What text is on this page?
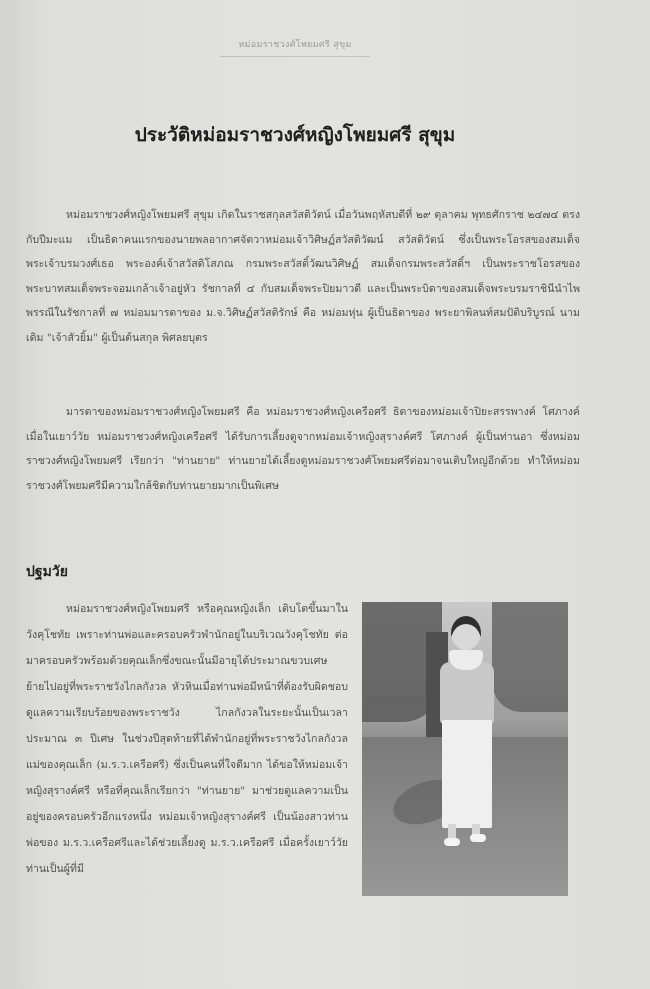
หม่อมราชวงศ์โพยมศรี สุขุม
ประวัติหม่อมราชวงศ์หญิงโพยมศรี สุขุม

หม่อมราชวงศ์หญิงโพยมศรี สุขุม เกิดในราชสกุลสวัสดิวัตน์ เมื่อวันพฤหัสบดีที่ ๒๙ ตุลาคม พุทธศักราช ๒๔๗๔ ตรงกับปีมะแม เป็นธิดาคนแรกของนายพลอากาศจัตวาหม่อมเจ้าวิศิษฏ์สวัสดิวัฒน์ สวัสดิวัตน์ ซึ่งเป็นพระโอรสของสมเด็จพระเจ้าบรมวงศ์เธอ พระองค์เจ้าสวัสดิโสภณ กรมพระสวัสดิ์วัฒนวิศิษฏ์ สมเด็จกรมพระสวัสดิ์ฯ เป็นพระราชโอรสของพระบาทสมเด็จพระจอมเกล้าเจ้าอยู่หัว รัชกาลที่ ๔ กับสมเด็จพระปิยมาวดี และเป็นพระบิดาของสมเด็จพระบรมราชินีนำไพพรรณีในรัชกาลที่ ๗ หม่อมมารดาของ ม.จ.วิศิษฏ์สวัสดิรักษ์ คือ หม่อมหุ่น ผู้เป็นธิดาของ พระยาพิลนท์สมปัติบริบูรณ์ นามเดิม "เจ้าสัวยิ้ม" ผู้เป็นต้นสกุล พิศลยบุตร

มารดาของหม่อมราชวงศ์หญิงโพยมศรี คือ หม่อมราชวงศ์หญิงเครือศรี ธิดาของหม่อมเจ้าปิยะสรรพางค์ โศภางค์ เมื่อในเยาว์วัย หม่อมราชวงศ์หญิงเครือศรี ได้รับการเลี้ยงดูจากหม่อมเจ้าหญิงสุรางค์ศรี โศภางค์ ผู้เป็นท่านอา ซึ่งหม่อมราชวงศ์หญิงโพยมศรี เรียกว่า "ท่านยาย" ท่านยายได้เลี้ยงดูหม่อมราชวงศ์โพยมศรีต่อมาจนเติบใหญ่อีกด้วย ทำให้หม่อมราชวงศ์โพยมศรีมีความใกล้ชิดกับท่านยายมากเป็นพิเศษ

ปฐมวัย

หม่อมราชวงศ์หญิงโพยมศรี หรือคุณหญิงเล็ก เติบโตขึ้นมาในวังคุโชทัย เพราะท่านพ่อและครอบครัวพำนักอยู่ในบริเวณวังคุโชทัย ต่อมาครอบครัวพร้อมด้วยคุณเล็กซึ่งขณะนั้นมีอายุได้ประมาณขวบเศษ ย้ายไปอยู่ที่พระราชวังไกลกังวล หัวหินเมื่อท่านพ่อมีหน้าที่ต้องรับผิดชอบดูแลความเรียบร้อยของพระราชวัง ไกลกังวลในระยะนั้นเป็นเวลาประมาณ ๓ ปีเศษ ในช่วงปีสุดท้ายที่ได้พำนักอยู่ที่พระราชวังไกลกังวล แม่ของคุณเล็ก (ม.ร.ว.เครือศรี) ซึ่งเป็นคนที่ใจดีมาก ได้ขอให้หม่อมเจ้าหญิงสุรางค์ศรี หรือที่คุณเล็กเรียกว่า "ท่านยาย" มาช่วยดูแลความเป็นอยู่ของครอบครัวอีกแรงหนึ่ง หม่อมเจ้าหญิงสุรางค์ศรี เป็นน้องสาวท่านพ่อของ ม.ร.ว.เครือศรีและได้ช่วยเลี้ยงดู ม.ร.ว.เครือศรี เมื่อครั้งเยาว์วัย ท่านเป็นผู้ที่มี
